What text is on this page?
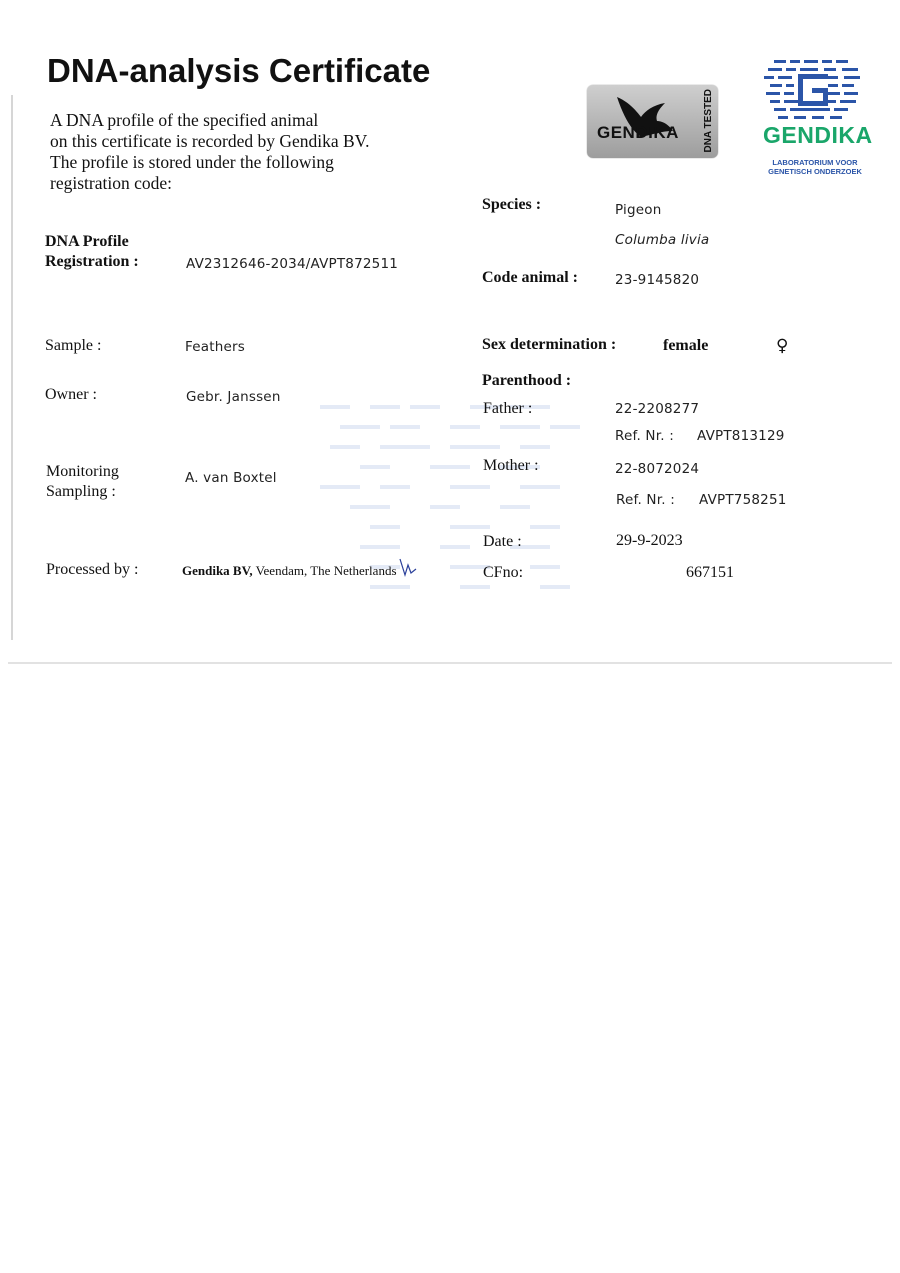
DNA-analysis Certificate
A DNA profile of the specified animal
on this certificate is recorded by Gendika BV.
The profile is stored under the following
registration code:
GENDIKA DNA TESTED GENDIKA
LABORATORIUM VOOR
GENETISCH ONDERZOEK
DNA Profile
Registration :	AV2312646-2034/AVPT872511
Sample :	Feathers
Owner :	Gebr. Janssen
Monitoring
Sampling :
A. van Boxtel
Processed by :	Gendika BV, Veendam, The Netherlands
Species :	Pigeon
Columba livia
Code animal :	23-9145820
Sex determination :	female	♀
Parenthood :
Father :	22-2208277
Ref. Nr. : AVPT813129
Mother :	22-8072024
Ref. Nr. : AVPT758251
Date :	29-9-2023
CFno:	667151
